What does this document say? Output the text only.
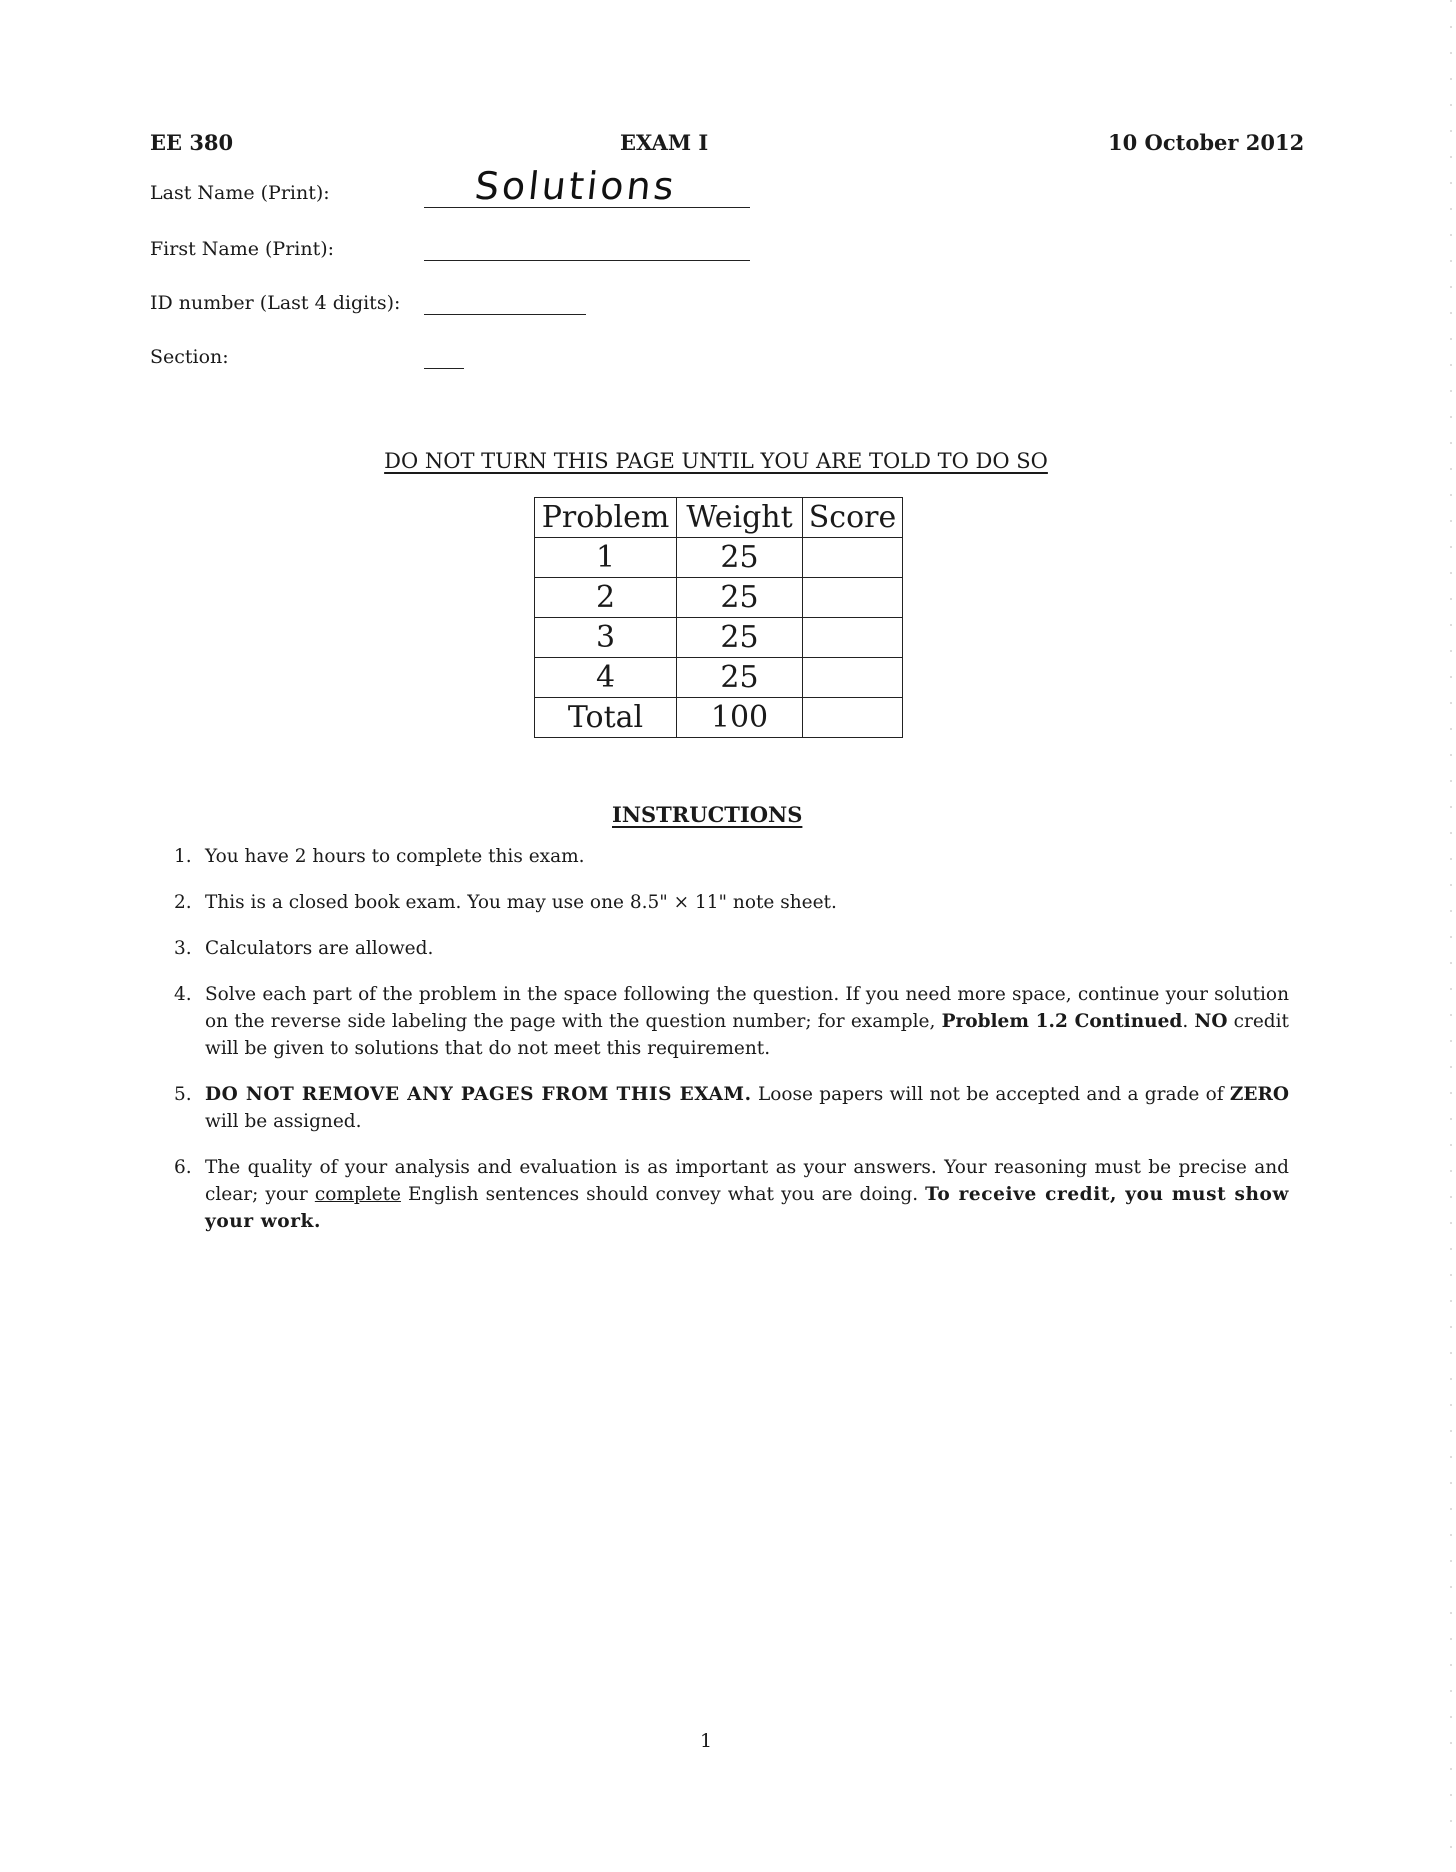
EE 380	EXAM I	10 October 2012
Last Name (Print):	Solutions
First Name (Print):
ID number (Last 4 digits):
Section:
DO NOT TURN THIS PAGE UNTIL YOU ARE TOLD TO DO SO
Problem	Weight	Score
1	25	
2	25	
3	25	
4	25	
Total	100	
INSTRUCTIONS
1. You have 2 hours to complete this exam.
2. This is a closed book exam. You may use one 8.5" × 11" note sheet.
3. Calculators are allowed.
4. Solve each part of the problem in the space following the question. If you need more space, continue your solution on the reverse side labeling the page with the question number; for example, Problem 1.2 Continued. NO credit will be given to solutions that do not meet this requirement.
5. DO NOT REMOVE ANY PAGES FROM THIS EXAM. Loose papers will not be accepted and a grade of ZERO will be assigned.
6. The quality of your analysis and evaluation is as important as your answers. Your reasoning must be precise and clear; your complete English sentences should convey what you are doing. To receive credit, you must show your work.
1
